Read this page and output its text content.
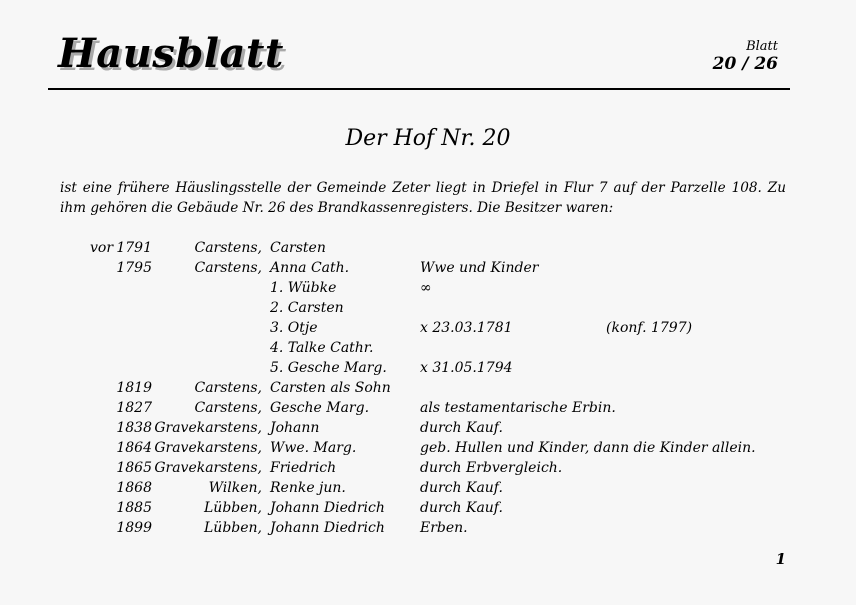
Hausblatt	Blatt
20 / 26
Der Hof Nr. 20
ist eine frühere Häuslingsstelle der Gemeinde Zeter liegt in Driefel in Flur 7 auf der Parzelle 108. Zu ihm gehören die Gebäude Nr. 26 des Brandkassenregisters. Die Besitzer waren:
vor 1791	Carstens, Carsten
1795	Carstens, Anna Cath.	Wwe und Kinder
1. Wübke	∞
2. Carsten
3. Otje	x 23.03.1781	(konf. 1797)
4. Talke Cathr.
5. Gesche Marg. x 31.05.1794
1819	Carstens, Carsten als Sohn
1827	Carstens, Gesche Marg.	als testamentarische Erbin.
1838 Gravekarstens, Johann	durch Kauf.
1864 Gravekarstens, Wwe. Marg.	geb. Hullen und Kinder, dann die Kinder allein.
1865 Gravekarstens, Friedrich	durch Erbvergleich.
1868	Wilken, Renke jun.	durch Kauf.
1885	Lübben, Johann Diedrich	durch Kauf.
1899	Lübben, Johann Diedrich	Erben.
1
